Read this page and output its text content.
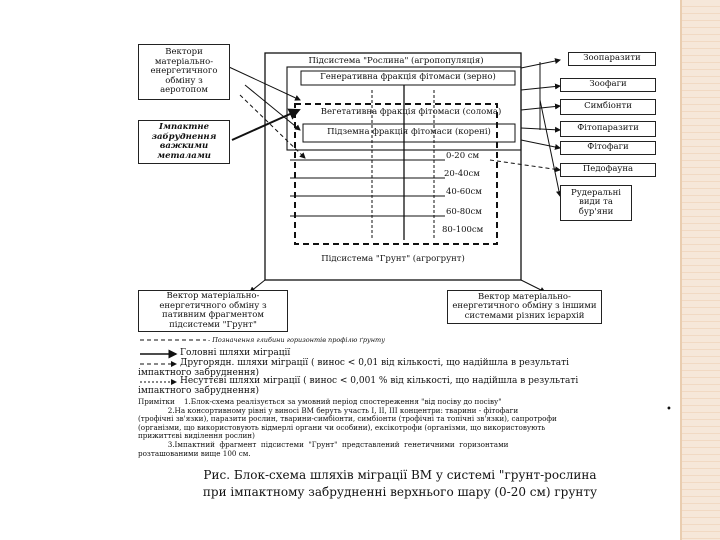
•
Вектори
матеріально-
енергетичного
обміну з
аеротопом
Імпактне
забруднення
важкими
металами
Підсистема "Рослина" (агропопуляція)
Генеративна фракція фітомаси (зерно)
Вегетативна фракція фітомаси (солома)
Підземна фракція фітомаси (корені)
0-20 см
20-40см
40-60см
60-80см
80-100см
Підсистема "Грунт" (агрогрунт)
Зоопаразити
Зоофаги
Симбіонти
Фітопаразити
Фітофаги
Педофауна
Рудеральні
види та
бур'яни
Вектор матеріально-
енергетичного обміну з
пативним фрагментом
підсистеми "Грунт"
Вектор матеріально-
енергетичного обміну з іншими
системами різних ієрархій
- Позначення глибини горизонтів профілю ґрунту
Головні шляхи міграції
Другорядн. шляхи міграції ( винос < 0,01 від кількості, що надійшла в результаті
імпактного забруднення)
Несуттєві шляхи міграції ( винос < 0,001 % від кількості, що надійшла в результаті
імпактного забруднення)
Примітки    1.Блок-схема реалізується за умовний період спостереження "від посіву до посіву"
2.На консортивному рівні у виносі ВМ беруть участь І, ІІ, ІІІ концентри: тварини - фітофаги
(трофічні зв'язки), паразити рослин, тварини-симбіонти, симбіонти (трофічні та топічні зв'язки), сапротрофи
(організми, що використовують відмерлі органи чи особини), ексікотрофи (організми, що використовують
прижиттєві виділення рослин)
3.Імпактний  фрагмент  підсистеми  "Грунт"  представлений  генетичними  горизонтами
розташованими вище 100 см.
Рис. Блок-схема шляхів міграції ВМ у системі "грунт-рослина
при імпактному забрудненні верхнього шару (0-20 см) грунту
